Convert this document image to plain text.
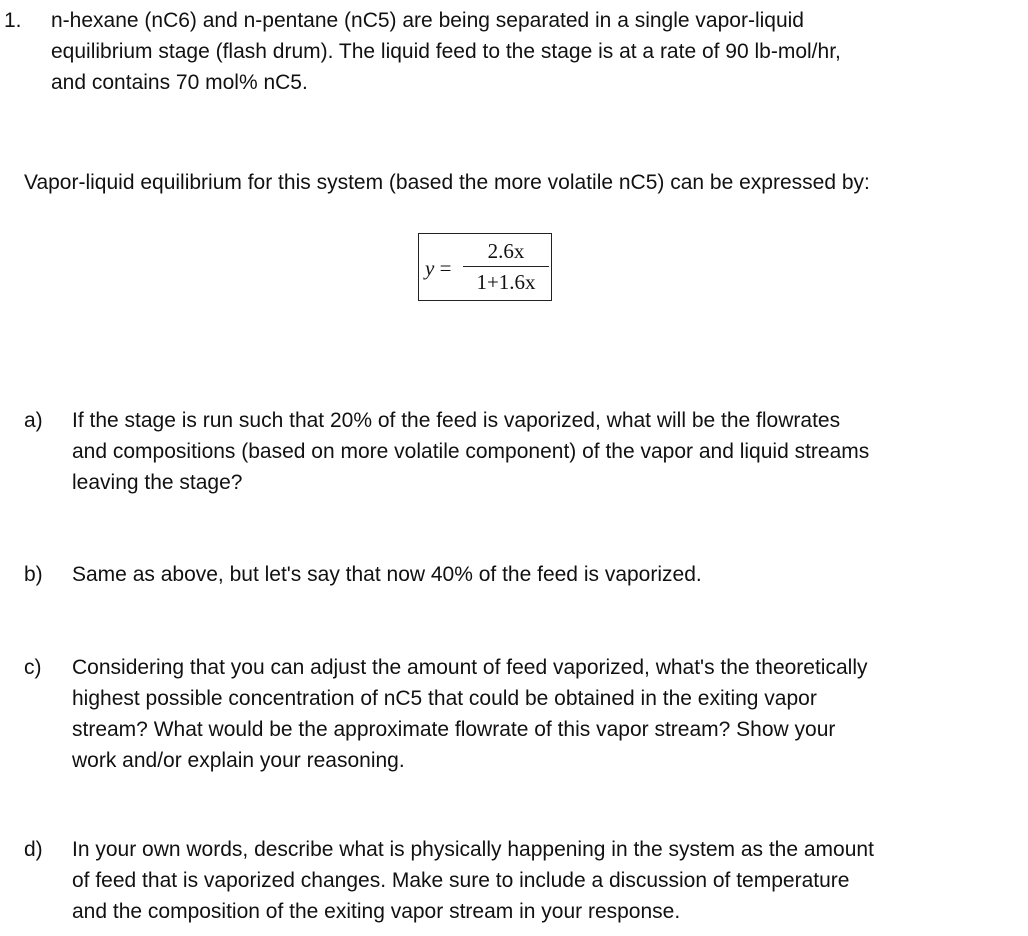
1. n-hexane (nC6) and n-pentane (nC5) are being separated in a single vapor-liquid
equilibrium stage (flash drum). The liquid feed to the stage is at a rate of 90 lb-mol/hr,
and contains 70 mol% nC5.
Vapor-liquid equilibrium for this system (based the more volatile nC5) can be expressed by:
y =
2.6x
1+1.6x
a) If the stage is run such that 20% of the feed is vaporized, what will be the flowrates
and compositions (based on more volatile component) of the vapor and liquid streams
leaving the stage?
b) Same as above, but let's say that now 40% of the feed is vaporized.
c) Considering that you can adjust the amount of feed vaporized, what's the theoretically
highest possible concentration of nC5 that could be obtained in the exiting vapor
stream? What would be the approximate flowrate of this vapor stream? Show your
work and/or explain your reasoning.
d) In your own words, describe what is physically happening in the system as the amount
of feed that is vaporized changes. Make sure to include a discussion of temperature
and the composition of the exiting vapor stream in your response.
